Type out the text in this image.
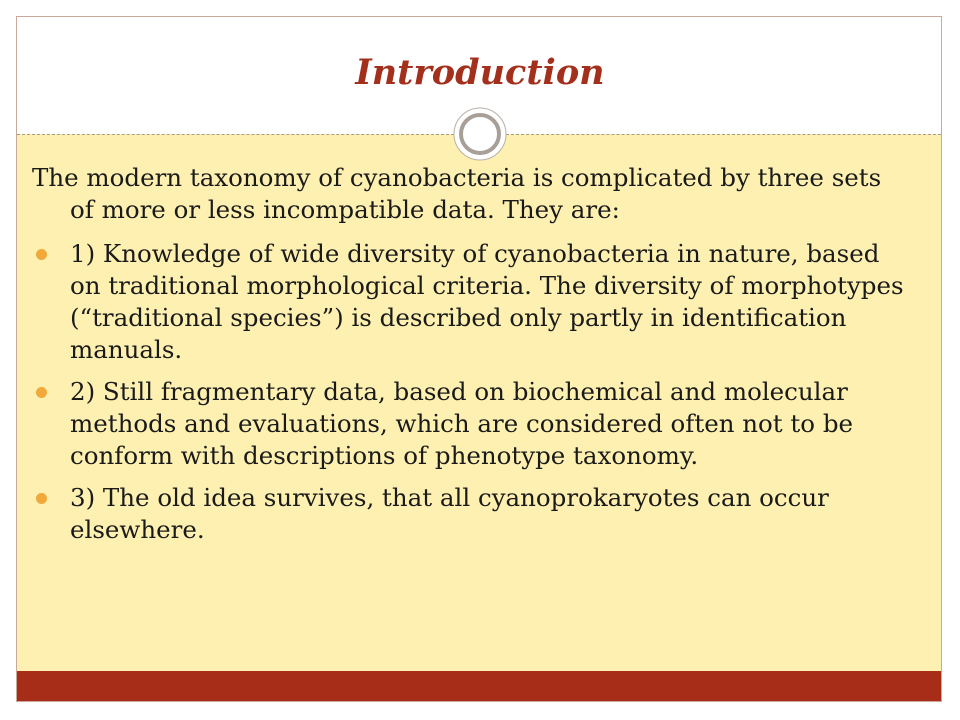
Introduction

The modern taxonomy of cyanobacteria is complicated by three sets of more or less incompatible data. They are:

1) Knowledge of wide diversity of cyanobacteria in nature, based on traditional morphological criteria. The diversity of morphotypes (“traditional species”) is described only partly in identification manuals.
2) Still fragmentary data, based on biochemical and molecular methods and evaluations, which are considered often not to be conform with descriptions of phenotype taxonomy.
3) The old idea survives, that all cyanoprokaryotes can occur elsewhere.
